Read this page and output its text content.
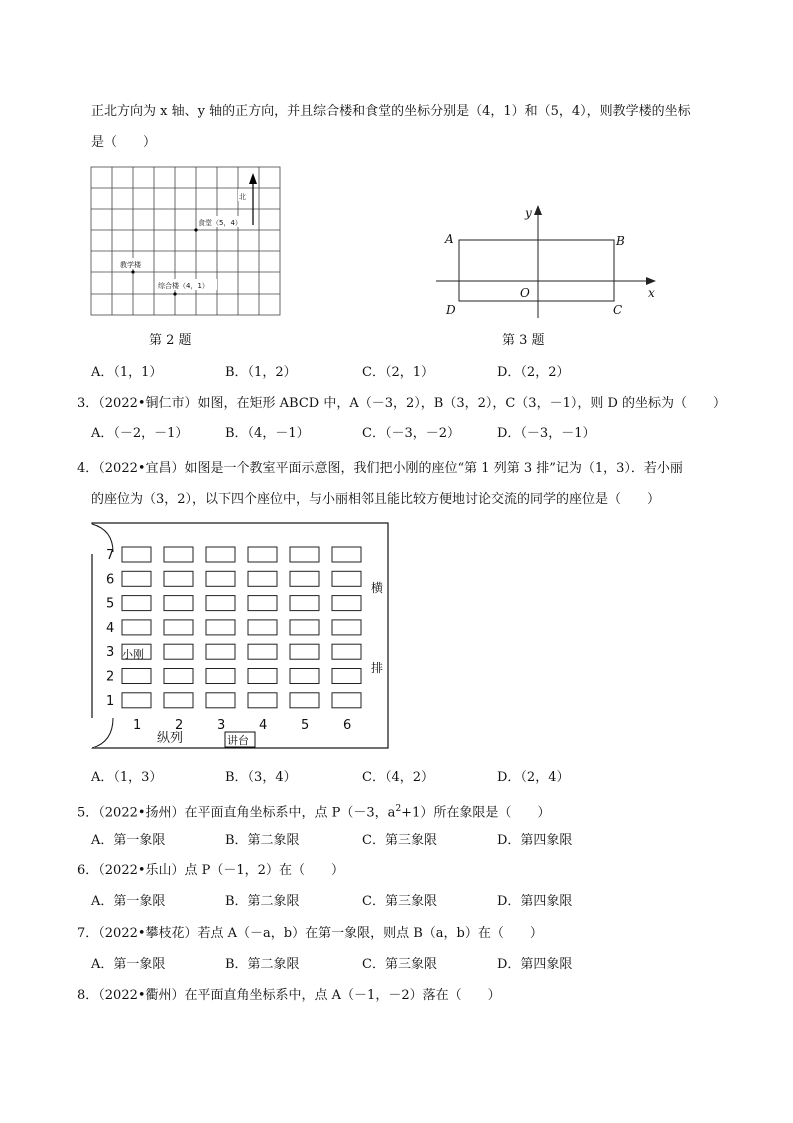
正北方向为 x 轴、y 轴的正方向，并且综合楼和食堂的坐标分别是（4，1）和（5，4），则教学楼的坐标
是（　　）
北
食堂（5，4）
教学楼
综合楼（4，1）
y
x
A	B
C
D
O
第 2 题	第 3 题
A．（1，1）	B．（1，2）	C．（2，1）	D．（2，2）
3．（2022•铜仁市）如图，在矩形 ABCD 中，A（－3，2），B（3，2），C（3，－1），则 D 的坐标为（　　）
A．（－2，－1）	B．（4，－1）	C．（－3，－2）	D．（－3，－1）
4．（2022•宜昌）如图是一个教室平面示意图，我们把小刚的座位“第 1 列第 3 排”记为（1，3）．若小丽
的座位为（3，2），以下四个座位中，与小丽相邻且能比较方便地讨论交流的同学的座位是（　　）
7
6
5
4
3
2
1
1	2	3	4	5	6
横
排
纵列	讲台
小刚
A．（1，3）	B．（3，4）	C．（4，2）	D．（2，4）
5．（2022•扬州）在平面直角坐标系中，点 P（－3，$a^2+1$）所在象限是（　　）
A．第一象限	B．第二象限	C．第三象限	D．第四象限
6．（2022•乐山）点 P（－1，2）在（　　）
A．第一象限	B．第二象限	C．第三象限	D．第四象限
7．（2022•攀枝花）若点 A（－a，b）在第一象限，则点 B（a，b）在（　　）
A．第一象限	B．第二象限	C．第三象限	D．第四象限
8．（2022•衢州）在平面直角坐标系中，点 A（－1，－2）落在（　　）
